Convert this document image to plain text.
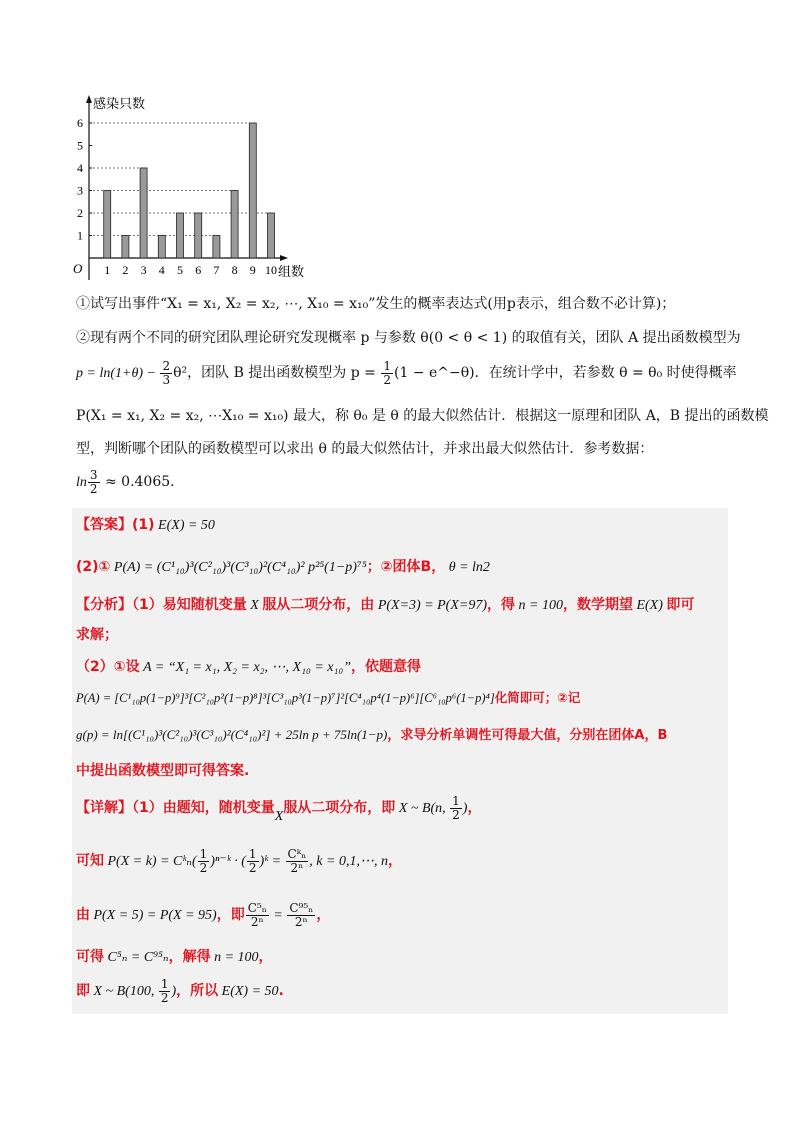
感染只数
组数
O
1
2
3
4
5
6
1 2 3 4 5 6 7 8 9 10
①试写出事件“X₁ = x₁, X₂ = x₂, ⋯, X₁₀ = x₁₀”发生的概率表达式(用p表示，组合数不必计算)；
②现有两个不同的研究团队理论研究发现概率 p 与参数 θ(0 < θ < 1) 的取值有关，团队 A 提出函数模型为
$p = \ln(1+\theta) - \frac{2}{3} \theta^2$，团队 B 提出函数模型为 $p = \frac{1}{2} (1$ − e^−θ)．在统计学中，若参数 θ = θ₀ 时使得概率
P(X₁ = x₁, X₂ = x₂, ⋯X₁₀ = x₁₀) 最大，称 θ₀ 是 θ 的最大似然估计．根据这一原理和团队 A，B 提出的函数模
型，判断哪个团队的函数模型可以求出 θ 的最大似然估计，并求出最大似然估计．参考数据：
$\ln \frac{3}{2} \approx 0.4065$．
【答案】(1) E(X) = 50
(2)① P(A) = (C¹₁₀)³(C²₁₀)³(C³₁₀)²(C⁴₁₀)² p²⁵(1−p)⁷⁵；②团体B， θ = ln2
【分析】（1）易知随机变量 X 服从二项分布，由 P(X=3) = P(X=97)，得 n = 100，数学期望 E(X) 即可
求解；
（2）①设 A = “X₁ = x₁, X₂ = x₂, ⋯, X₁₀ = x₁₀”，依题意得
P(A) = [C¹₁₀p(1−p)⁹]³[C²₁₀p²(1−p)⁸]³[C³₁₀p³(1−p)⁷]²[C⁴₁₀p⁴(1−p)⁶][C⁶₁₀p⁶(1−p)⁴]化简即可；②记
g(p) = ln[(C¹₁₀)³(C²₁₀)³(C³₁₀)²(C⁴₁₀)²] + 25ln p + 75ln(1−p)，求导分析单调性可得最大值，分别在团体A，B
中提出函数模型即可得答案.
【详解】（1）由题知，随机变量X服从二项分布，即 X ~ B(n, $\frac{1}{2}$ )，
可知 P(X = k) = Cᵏₙ( $\frac{1}{2}$ )ⁿ⁻ᵏ · ( $\frac{1}{2}$ )ᵏ = $\frac{\text{Cᵏₙ}}{\text{2ⁿ}}$ , k = 0,1,⋯, n，
由 P(X = 5) = P(X = 95)，即 $\frac{\text{C⁵ₙ}}{\text{2ⁿ}} = \frac{\text{C⁹⁵ₙ}}{\text{2ⁿ}}$ ，
可得 C⁵ₙ = C⁹⁵ₙ，解得 n = 100，
即 X ~ B(100, $\frac{1}{2}$ )，所以 E(X) = 50.
